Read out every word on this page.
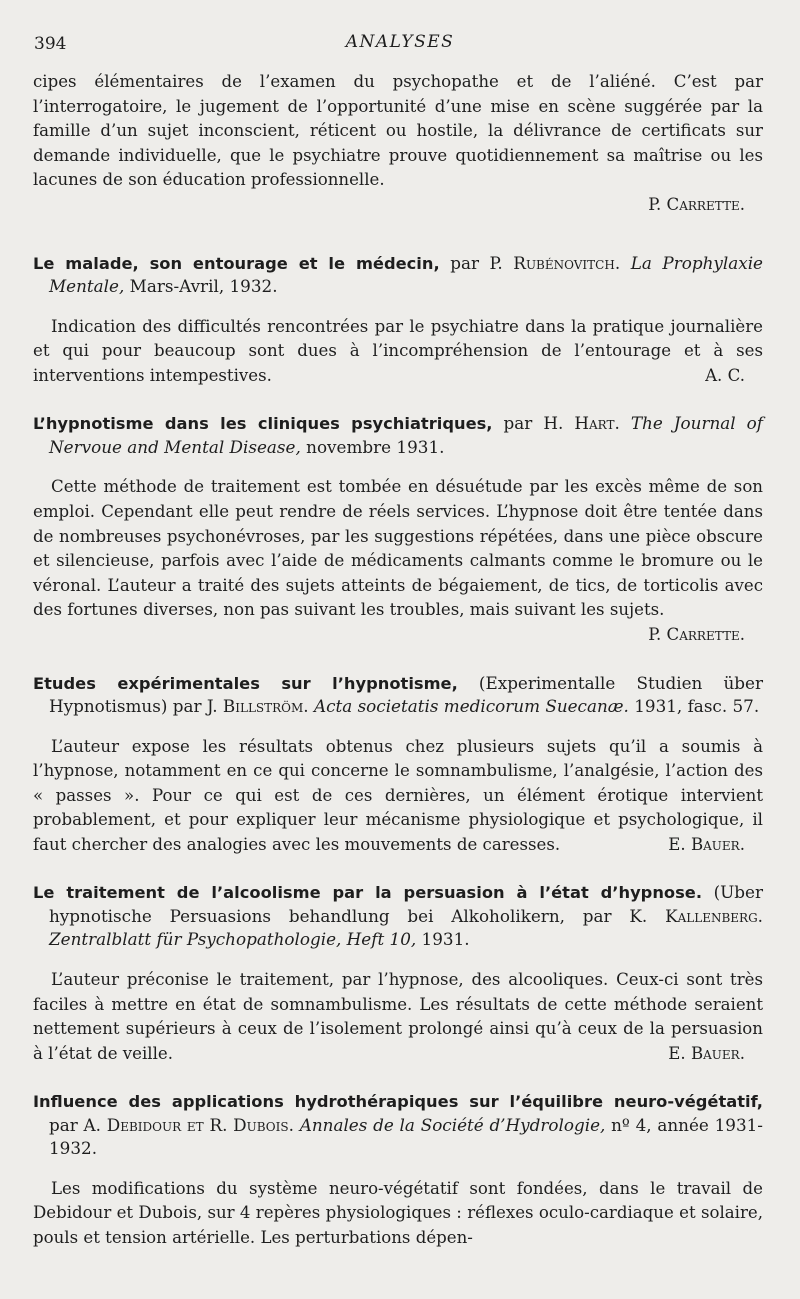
394	ANALYSES

cipes élémentaires de l’examen du psychopathe et de l’aliéné. C’est par l’interrogatoire, le jugement de l’opportunité d’une mise en scène suggérée par la famille d’un sujet inconscient, réticent ou hostile, la délivrance de certificats sur demande individuelle, que le psychiatre prouve quotidiennement sa maîtrise ou les lacunes de son éducation professionnelle.

P. Carrette.

Le malade, son entourage et le médecin, par P. Rubénovitch. La Prophylaxie Mentale, Mars-Avril, 1932.

Indication des difficultés rencontrées par le psychiatre dans la pratique journalière et qui pour beaucoup sont dues à l’incompréhension de l’entourage et à ses interventions intempestives.	A. C.

L’hypnotisme dans les cliniques psychiatriques, par H. Hart. The Journal of Nervoue and Mental Disease, novembre 1931.

Cette méthode de traitement est tombée en désuétude par les excès même de son emploi. Cependant elle peut rendre de réels services. L’hypnose doit être tentée dans de nombreuses psychonévroses, par les suggestions répétées, dans une pièce obscure et silencieuse, parfois avec l’aide de médicaments calmants comme le bromure ou le véronal. L’auteur a traité des sujets atteints de bégaiement, de tics, de torticolis avec des fortunes diverses, non pas suivant les troubles, mais suivant les sujets.

P. Carrette.

Etudes expérimentales sur l’hypnotisme, (Experimentalle Studien über Hypnotismus) par J. Billström. Acta societatis medicorum Suecanæ. 1931, fasc. 57.

L’auteur expose les résultats obtenus chez plusieurs sujets qu’il a soumis à l’hypnose, notamment en ce qui concerne le somnambulisme, l’analgésie, l’action des « passes ». Pour ce qui est de ces dernières, un élément érotique intervient probablement, et pour expliquer leur mécanisme physiologique et psychologique, il faut chercher des analogies avec les mouvements de caresses.	E. Bauer.

Le traitement de l’alcoolisme par la persuasion à l’état d’hypnose. (Uber hypnotische Persuasions behandlung bei Alkoholikern, par K. Kallenberg. Zentralblatt für Psychopathologie, Heft 10, 1931.

L’auteur préconise le traitement, par l’hypnose, des alcooliques. Ceux-ci sont très faciles à mettre en état de somnambulisme. Les résultats de cette méthode seraient nettement supérieurs à ceux de l’isolement prolongé ainsi qu’à ceux de la persuasion à l’état de veille.	E. Bauer.

Influence des applications hydrothérapiques sur l’équilibre neuro-végétatif, par A. Debidour et R. Dubois. Annales de la Société d’Hydrologie, nº 4, année 1931-1932.

Les modifications du système neuro-végétatif sont fondées, dans le travail de Debidour et Dubois, sur 4 repères physiologiques : réflexes oculo-cardiaque et solaire, pouls et tension artérielle. Les perturbations dépen-
